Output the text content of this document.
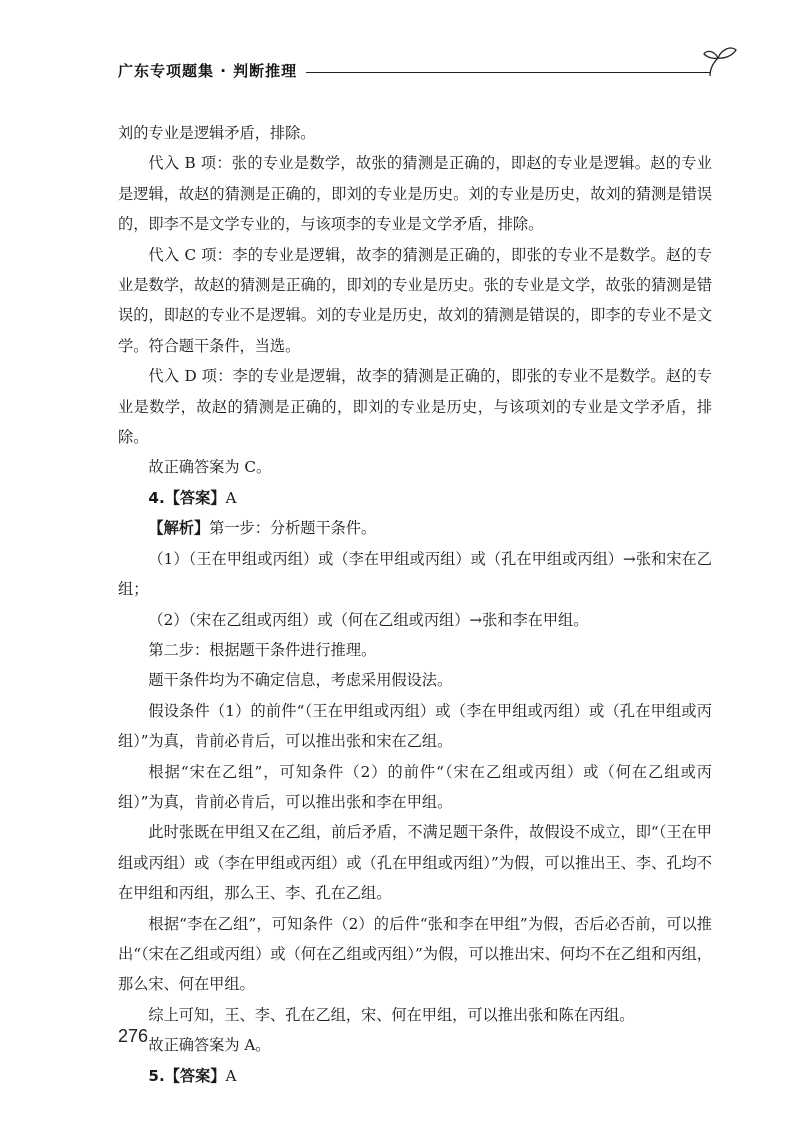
广东专项题集 · 判断推理

刘的专业是逻辑矛盾，排除。

代入 B 项：张的专业是数学，故张的猜测是正确的，即赵的专业是逻辑。赵的专业是逻辑，故赵的猜测是正确的，即刘的专业是历史。刘的专业是历史，故刘的猜测是错误的，即李不是文学专业的，与该项李的专业是文学矛盾，排除。

代入 C 项：李的专业是逻辑，故李的猜测是正确的，即张的专业不是数学。赵的专业是数学，故赵的猜测是正确的，即刘的专业是历史。张的专业是文学，故张的猜测是错误的，即赵的专业不是逻辑。刘的专业是历史，故刘的猜测是错误的，即李的专业不是文学。符合题干条件，当选。

代入 D 项：李的专业是逻辑，故李的猜测是正确的，即张的专业不是数学。赵的专业是数学，故赵的猜测是正确的，即刘的专业是历史，与该项刘的专业是文学矛盾，排除。

故正确答案为 C。

4.【答案】A

【解析】第一步：分析题干条件。

（1）（王在甲组或丙组）或（李在甲组或丙组）或（孔在甲组或丙组）→张和宋在乙组；

（2）（宋在乙组或丙组）或（何在乙组或丙组）→张和李在甲组。

第二步：根据题干条件进行推理。

题干条件均为不确定信息，考虑采用假设法。

假设条件（1）的前件“（王在甲组或丙组）或（李在甲组或丙组）或（孔在甲组或丙组）”为真，肯前必肯后，可以推出张和宋在乙组。

根据“宋在乙组”，可知条件（2）的前件“（宋在乙组或丙组）或（何在乙组或丙组）”为真，肯前必肯后，可以推出张和李在甲组。

此时张既在甲组又在乙组，前后矛盾，不满足题干条件，故假设不成立，即“（王在甲组或丙组）或（李在甲组或丙组）或（孔在甲组或丙组）”为假，可以推出王、李、孔均不在甲组和丙组，那么王、李、孔在乙组。

根据“李在乙组”，可知条件（2）的后件“张和李在甲组”为假，否后必否前，可以推出“（宋在乙组或丙组）或（何在乙组或丙组）”为假，可以推出宋、何均不在乙组和丙组，那么宋、何在甲组。

综上可知，王、李、孔在乙组，宋、何在甲组，可以推出张和陈在丙组。

故正确答案为 A。

5.【答案】A

276
